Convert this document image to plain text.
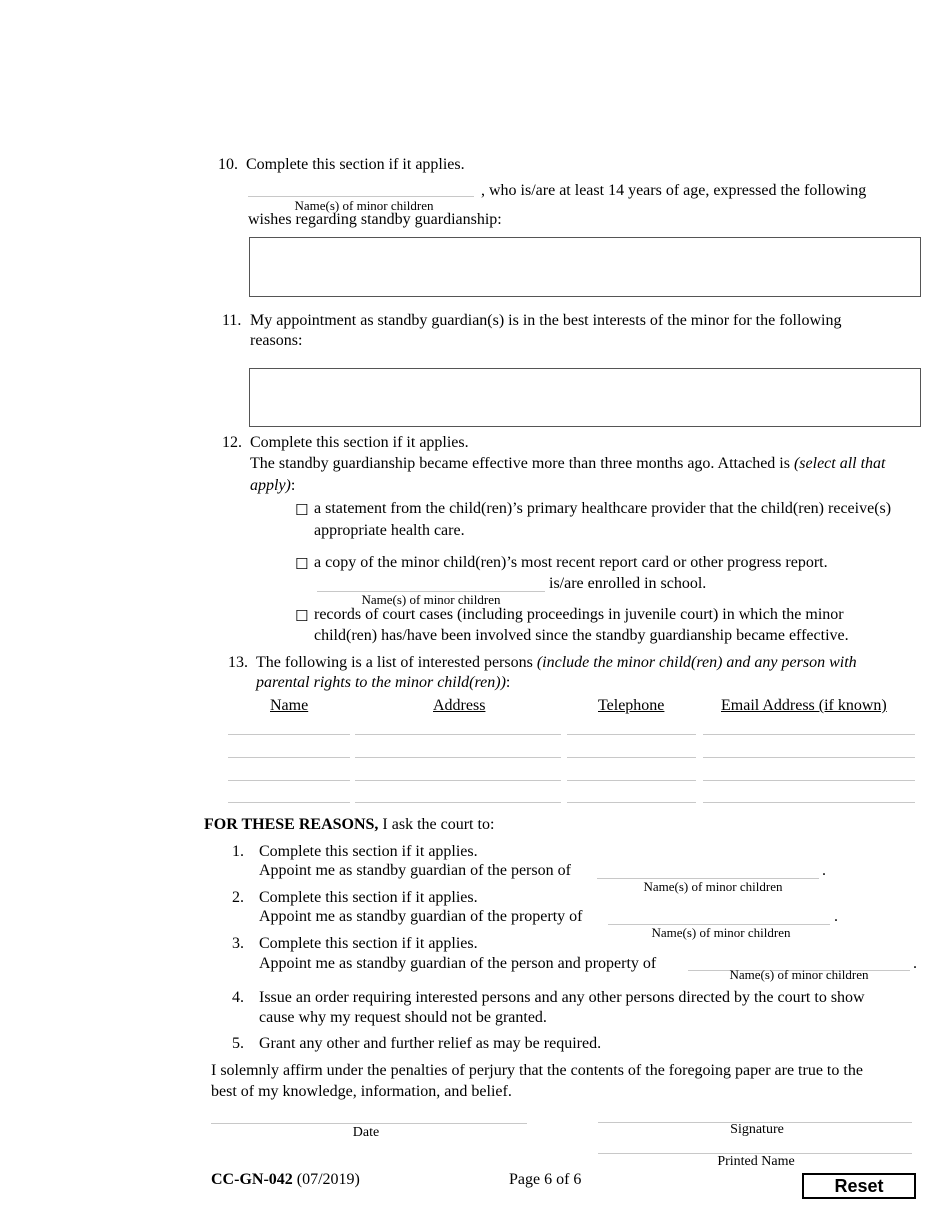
10. Complete this section if it applies.
Name(s) of minor children
, who is/are at least 14 years of age, expressed the following
wishes regarding standby guardianship:
11. My appointment as standby guardian(s) is in the best interests of the minor for the following
reasons:
12. Complete this section if it applies.
The standby guardianship became effective more than three months ago. Attached is (select all that
apply):
☐ a statement from the child(ren)’s primary healthcare provider that the child(ren) receive(s)
appropriate health care.
☐ a copy of the minor child(ren)’s most recent report card or other progress report.
is/are enrolled in school.
Name(s) of minor children
☐ records of court cases (including proceedings in juvenile court) in which the minor
child(ren) has/have been involved since the standby guardianship became effective.
13. The following is a list of interested persons (include the minor child(ren) and any person with
parental rights to the minor child(ren)):
Name	Address	Telephone	Email Address (if known)
FOR THESE REASONS, I ask the court to:
1. Complete this section if it applies.
Appoint me as standby guardian of the person of	.
Name(s) of minor children
2. Complete this section if it applies.
Appoint me as standby guardian of the property of	.
Name(s) of minor children
3. Complete this section if it applies.
Appoint me as standby guardian of the person and property of	.
Name(s) of minor children
4. Issue an order requiring interested persons and any other persons directed by the court to show
cause why my request should not be granted.
5. Grant any other and further relief as may be required.
I solemnly affirm under the penalties of perjury that the contents of the foregoing paper are true to the
best of my knowledge, information, and belief.
Date	Signature
Printed Name
CC-GN-042 (07/2019)	Page 6 of 6	Reset
